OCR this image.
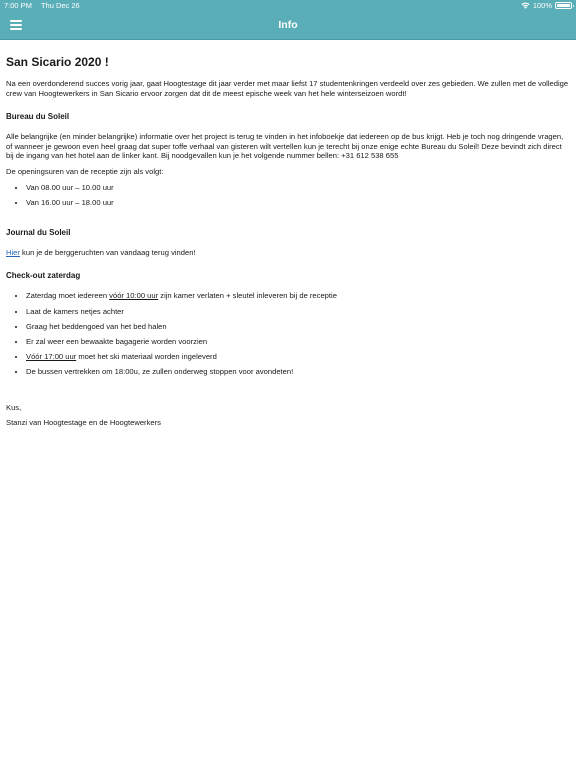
7:00 PM Thu Dec 26	100%
Info
San Sicario 2020 !

Na een overdonderend succes vorig jaar, gaat Hoogtestage dit jaar verder met maar liefst 17 studentenkringen verdeeld over zes gebieden. We zullen met de volledige crew van Hoogtewerkers in San Sicario ervoor zorgen dat dit de meest epische week van het hele winterseizoen wordt!

Bureau du Soleil

Alle belangrijke (en minder belangrijke) informatie over het project is terug te vinden in het infoboekje dat iedereen op de bus krijgt. Heb je toch nog dringende vragen, of wanneer je gewoon even heel graag dat super toffe verhaal van gisteren wilt vertellen kun je terecht bij onze enige echte Bureau du Soleil! Deze bevindt zich direct bij de ingang van het hotel aan de linker kant. Bij noodgevallen kun je het volgende nummer bellen: +31 612 538 655

De openingsuren van de receptie zijn als volgt:

• Van 08.00 uur – 10.00 uur
• Van 16.00 uur – 18.00 uur
Journal du Soleil

Hier kun je de berggeruchten van vandaag terug vinden!

Check-out zaterdag
• Zaterdag moet iedereen vóór 10:00 uur zijn kamer verlaten + sleutel inleveren bij de receptie
• Laat de kamers netjes achter
• Graag het beddengoed van het bed halen
• Er zal weer een bewaakte bagagerie worden voorzien
• Vóór 17:00 uur moet het ski materiaal worden ingeleverd
• De bussen vertrekken om 18:00u, ze zullen onderweg stoppen voor avondeten!

Kus,

Stanzi van Hoogtestage en de Hoogtewerkers
